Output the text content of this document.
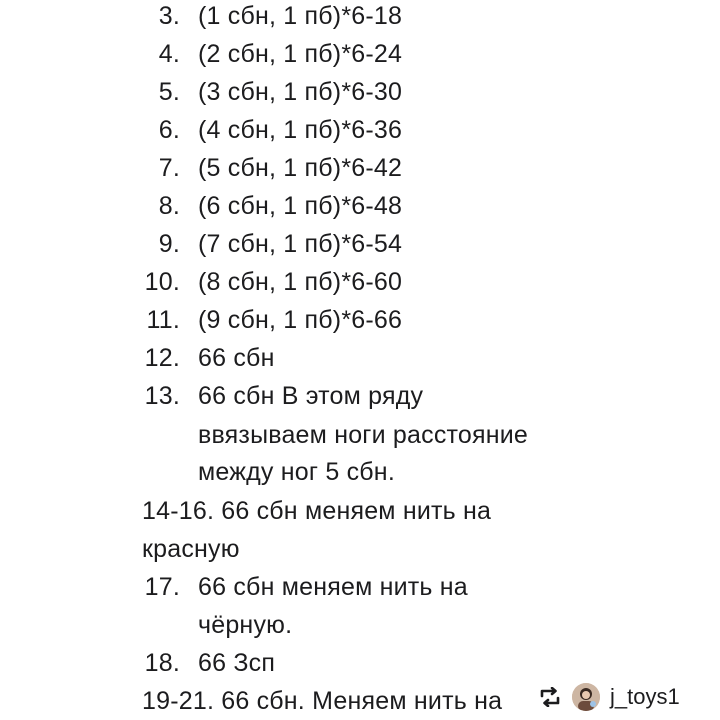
3. (1 сбн, 1 пб)*6-18
4. (2 сбн, 1 пб)*6-24
5. (3 сбн, 1 пб)*6-30
6. (4 сбн, 1 пб)*6-36
7. (5 сбн, 1 пб)*6-42
8. (6 сбн, 1 пб)*6-48
9. (7 сбн, 1 пб)*6-54
10. (8 сбн, 1 пб)*6-60
11. (9 сбн, 1 пб)*6-66
12. 66 сбн
13. 66 сбн В этом ряду
ввязываем ноги расстояние
между ног 5 сбн.
14-16. 66 сбн меняем нить на
красную
17. 66 сбн меняем нить на
чёрную.
18. 66 Зсп
19-21. 66 сбн. Меняем нить на	j_toys1
